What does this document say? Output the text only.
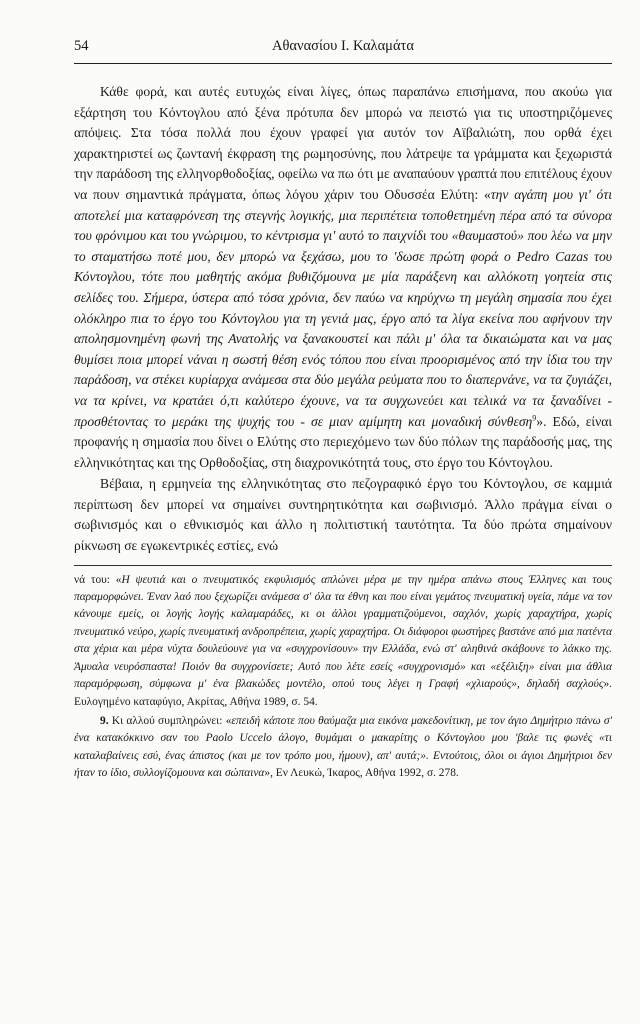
54	Αθανασίου Ι. Καλαμάτα

Κάθε φορά, και αυτές ευτυχώς είναι λίγες, όπως παραπάνω επισήμανα, που ακούω για εξάρτηση του Κόντογλου από ξένα πρότυπα δεν μπορώ να πειστώ για τις υποστηριζόμενες απόψεις. Στα τόσα πολλά που έχουν γραφεί για αυτόν τον Αϊβαλιώτη, που ορθά έχει χαρακτηριστεί ως ζωντανή έκφραση της ρωμηοσύνης, που λάτρεψε τα γράμματα και ξεχωριστά την παράδοση της ελληνορθοδοξίας, οφείλω να πω ότι με αναπαύουν γραπτά που επιτέλους έχουν να πουν σημαντικά πράγματα, όπως λόγου χάριν του Οδυσσέα Ελύτη: «την αγάπη μου γι' ότι αποτελεί μια καταφρόνεση της στεγνής λογικής, μια περιπέτεια τοποθετημένη πέρα από τα σύνορα του φρόνιμου και του γνώριμου, το κέντρισμα γι' αυτό το παιχνίδι του «θαυμαστού» που λέω να μην το σταματήσω ποτέ μου, δεν μπορώ να ξεχάσω, μου το 'δωσε πρώτη φορά ο Pedro Cazas του Κόντογλου, τότε που μαθητής ακόμα βυθιζόμουνα με μία παράξενη και αλλόκοτη γοητεία στις σελίδες του. Σήμερα, ύστερα από τόσα χρόνια, δεν παύω να κηρύχνω τη μεγάλη σημασία που έχει ολόκληρο πια το έργο του Κόντογλου για τη γενιά μας, έργο από τα λίγα εκείνα που αφήνουν την απολησμονημένη φωνή της Ανατολής να ξανακουστεί και πάλι μ' όλα τα δικαιώματα και να μας θυμίσει ποια μπορεί νάναι η σωστή θέση ενός τόπου που είναι προορισμένος από την ίδια του την παράδοση, να στέκει κυρίαρχα ανάμεσα στα δύο μεγάλα ρεύματα που το διαπερνάνε, να τα ζυγιάζει, να τα κρίνει, να κρατάει ό,τι καλύτερο έχουνε, να τα συγχωνεύει και τελικά να τα ξαναδίνει - προσθέτοντας το μεράκι της ψυχής του - σε μιαν αμίμητη και μοναδική σύνθεση$^9$». Εδώ, είναι προφανής η σημασία που δίνει ο Ελύτης στο περιεχόμενο των δύο πόλων της παράδοσής μας, της ελληνικότητας και της Ορθοδοξίας, στη διαχρονικότητά τους, στο έργο του Κόντογλου.

Βέβαια, η ερμηνεία της ελληνικότητας στο πεζογραφικό έργο του Κόντογλου, σε καμμιά περίπτωση δεν μπορεί να σημαίνει συντηρητικότητα και σωβινισμό. Άλλο πράγμα είναι ο σωβινισμός και ο εθνικισμός και άλλο η πολιτιστική ταυτότητα. Τα δύο πρώτα σημαίνουν ρίκνωση σε εγωκεντρικές εστίες, ενώ

νά του: «Η ψευτιά και ο πνευματικός εκφυλισμός απλώνει μέρα με την ημέρα απάνω στους Έλληνες και τους παραμορφώνει. Έναν λαό που ξεχωρίζει ανάμεσα σ' όλα τα έθνη και που είναι γεμάτος πνευματική υγεία, πάμε να τον κάνουμε εμείς, οι λογής λογής καλαμαράδες, κι οι άλλοι γραμματιζούμενοι, σαχλόν, χωρίς χαραχτήρα, χωρίς πνευματικό νεύρο, χωρίς πνευματική ανδροπρέπεια, χωρίς χαραχτήρα. Οι διάφοροι φωστήρες βαστάνε από μια πατέντα στα χέρια και μέρα νύχτα δουλεύουνε για να «συγχρονίσουν» την Ελλάδα, ενώ στ' αληθινά σκάβουνε το λάκκο της. Άμυαλα νευρόσπαστα! Ποιόν θα συγχρονίσετε; Αυτό που λέτε εσείς «συγχρονισμό» και «εξέλιξη» είναι μια άθλια παραμόρφωση, σύμφωνα μ' ένα βλακώδες μοντέλο, οπού τους λέγει η Γραφή «χλιαρούς», δηλαδή σαχλούς». Ευλογημένο καταφύγιο, Ακρίτας, Αθήνα 1989, σ. 54.

9. Κι αλλού συμπληρώνει: «επειδή κάποτε που θαύμαζα μια εικόνα μακεδονίτικη, με τον άγιο Δημήτριο πάνω σ' ένα κατακόκκινο σαν του Paolo Uccelo άλογο, θυμάμαι ο μακαρίτης ο Κόντογλου μου 'βαλε τις φωνές «τι καταλαβαίνεις εσύ, ένας άπιστος (και με τον τρόπο μου, ήμουν), απ' αυτά;». Εντούτοις, όλοι οι άγιοι Δημήτριοι δεν ήταν το ίδιο, συλλογίζομουνα και σώπαινα», Εν Λευκώ, Ίκαρος, Αθήνα 1992, σ. 278.
